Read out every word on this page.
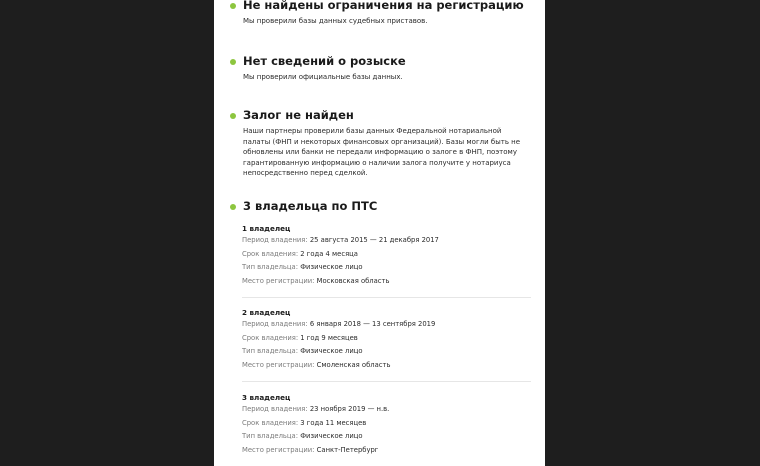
Не найдены ограничения на регистрацию
Мы проверили базы данных судебных приставов.
Нет сведений о розыске
Мы проверили официальные базы данных.
Залог не найден
Наши партнеры проверили базы данных Федеральной нотариальной палаты (ФНП и некоторых финансовых организаций). Базы могли быть не обновлены или банки не передали информацию о залоге в ФНП, поэтому гарантированную информацию о наличии залога получите у нотариуса непосредственно перед сделкой.
3 владельца по ПТС
1 владелец
Период владения: 25 августа 2015 — 21 декабря 2017
Срок владения: 2 года 4 месяца
Тип владельца: Физическое лицо
Место регистрации: Московская область
2 владелец
Период владения: 6 января 2018 — 13 сентября 2019
Срок владения: 1 год 9 месяцев
Тип владельца: Физическое лицо
Место регистрации: Смоленская область
3 владелец
Период владения: 23 ноября 2019 — н.в.
Срок владения: 3 года 11 месяцев
Тип владельца: Физическое лицо
Место регистрации: Санкт-Петербург
